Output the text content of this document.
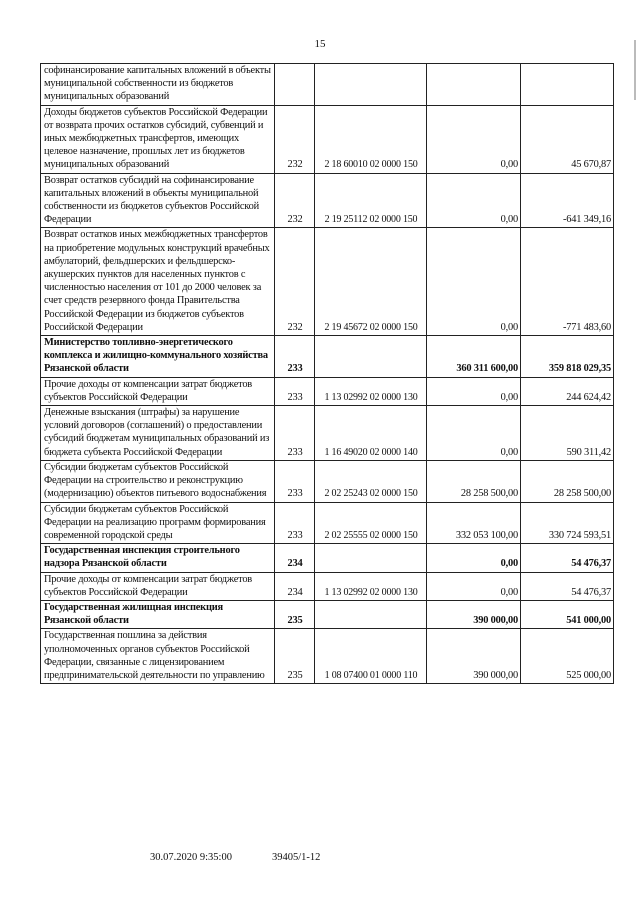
15
софинансирование капитальных вложений в объекты муниципальной собственности из бюджетов муниципальных образований				
Доходы бюджетов субъектов Российской Федерации от возврата прочих остатков субсидий, субвенций и иных межбюджетных трансфертов, имеющих целевое назначение, прошлых лет из бюджетов муниципальных образований	232	2 18 60010 02 0000 150	0,00	45 670,87
Возврат остатков субсидий на софинансирование капитальных вложений в объекты муниципальной собственности из бюджетов субъектов Российской Федерации	232	2 19 25112 02 0000 150	0,00	-641 349,16
Возврат остатков иных межбюджетных трансфертов на приобретение модульных конструкций врачебных амбулаторий, фельдшерских и фельдшерско-акушерских пунктов для населенных пунктов с численностью населения от 101 до 2000 человек за счет средств резервного фонда Правительства Российской Федерации из бюджетов субъектов Российской Федерации	232	2 19 45672 02 0000 150	0,00	-771 483,60
Министерство топливно-энергетического комплекса и жилищно-коммунального хозяйства Рязанской области	233		360 311 600,00	359 818 029,35
Прочие доходы от компенсации затрат бюджетов субъектов Российской Федерации	233	1 13 02992 02 0000 130	0,00	244 624,42
Денежные взыскания (штрафы) за нарушение условий договоров (соглашений) о предоставлении субсидий бюджетам муниципальных образований из бюджета субъекта Российской Федерации	233	1 16 49020 02 0000 140	0,00	590 311,42
Субсидии бюджетам субъектов Российской Федерации на строительство и реконструкцию (модернизацию) объектов питьевого водоснабжения	233	2 02 25243 02 0000 150	28 258 500,00	28 258 500,00
Субсидии бюджетам субъектов Российской Федерации на реализацию программ формирования современной городской среды	233	2 02 25555 02 0000 150	332 053 100,00	330 724 593,51
Государственная инспекция строительного надзора Рязанской области	234		0,00	54 476,37
Прочие доходы от компенсации затрат бюджетов субъектов Российской Федерации	234	1 13 02992 02 0000 130	0,00	54 476,37
Государственная жилищная инспекция Рязанской области	235		390 000,00	541 000,00
Государственная пошлина за действия уполномоченных органов субъектов Российской Федерации, связанные с лицензированием предпринимательской деятельности по управлению	235	1 08 07400 01 0000 110	390 000,00	525 000,00
30.07.2020 9:35:00	39405/1-12
